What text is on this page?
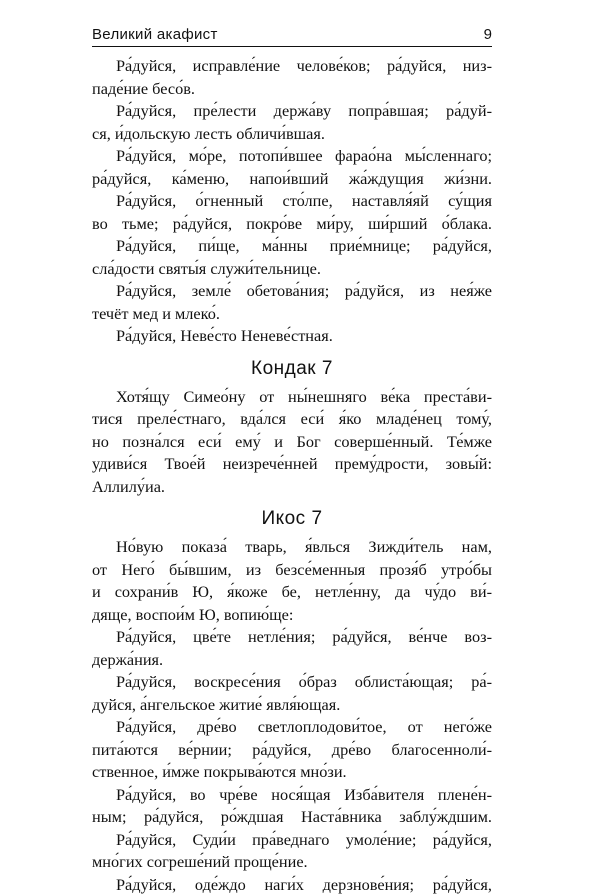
Великий акафист	9
Ра́дуйся, исправле́ние челове́ков; ра́дуйся, низ-
паде́ние бесо́в.
Ра́дуйся, пре́лести держа́ву попра́вшая; ра́дуй-
ся, и́дольскую лесть обличи́вшая.
Ра́дуйся, мо́ре, потопи́вшее фарао́на мы́сленнаго;
ра́дуйся, ка́меню, напои́вший жа́ждущия жи́зни.
Ра́дуйся, о́гненный сто́лпе, наставля́яй су́щия
во тьме; ра́дуйся, покро́ве ми́ру, ши́рший о́блака.
Ра́дуйся, пи́ще, ма́нны прие́мнице; ра́дуйся,
сла́дости святы́я служи́тельнице.
Ра́дуйся, земле́ обетова́ния; ра́дуйся, из нея́же
течёт мед и млеко́.
Ра́дуйся, Неве́сто Неневе́стная.
Кондак 7
Хотя́щу Симео́ну от ны́нешняго ве́ка преста́ви-
тися преле́стнаго, вда́лся еси́ я́ко младе́нец тому́,
но позна́лся еси́ ему́ и Бог соверше́нный. Те́мже
удиви́ся Твое́й неизрече́нней прему́дрости, зовы́й:
Аллилу́иа.
Икос 7
Но́вую показа́ тварь, я́влься Зижди́тель нам,
от Него́ бы́вшим, из безсе́менныя прозя́б утро́бы
и сохрани́в Ю, я́коже бе, нетле́нну, да чу́до ви́-
дяще, воспои́м Ю, вопию́ще:
Ра́дуйся, цве́те нетле́ния; ра́дуйся, ве́нче воз-
держа́ния.
Ра́дуйся, воскресе́ния о́браз облиста́ющая; ра́-
дуйся, а́нгельское житие́ явля́ющая.
Ра́дуйся, дре́во светлоплодови́тое, от него́же
пита́ются ве́рнии; ра́дуйся, дре́во благосеннoли́-
ственное, и́мже покрыва́ются мно́зи.
Ра́дуйся, во чре́ве нося́щая Изба́вителя плене́н-
ным; ра́дуйся, ро́ждшая Наста́вника заблу́ждшим.
Ра́дуйся, Суди́и пра́веднаго умоле́ние; ра́дуйся,
мно́гих согреше́ний проще́ние.
Ра́дуйся, оде́ждо наги́х дерзнове́ния; ра́дуйся,
